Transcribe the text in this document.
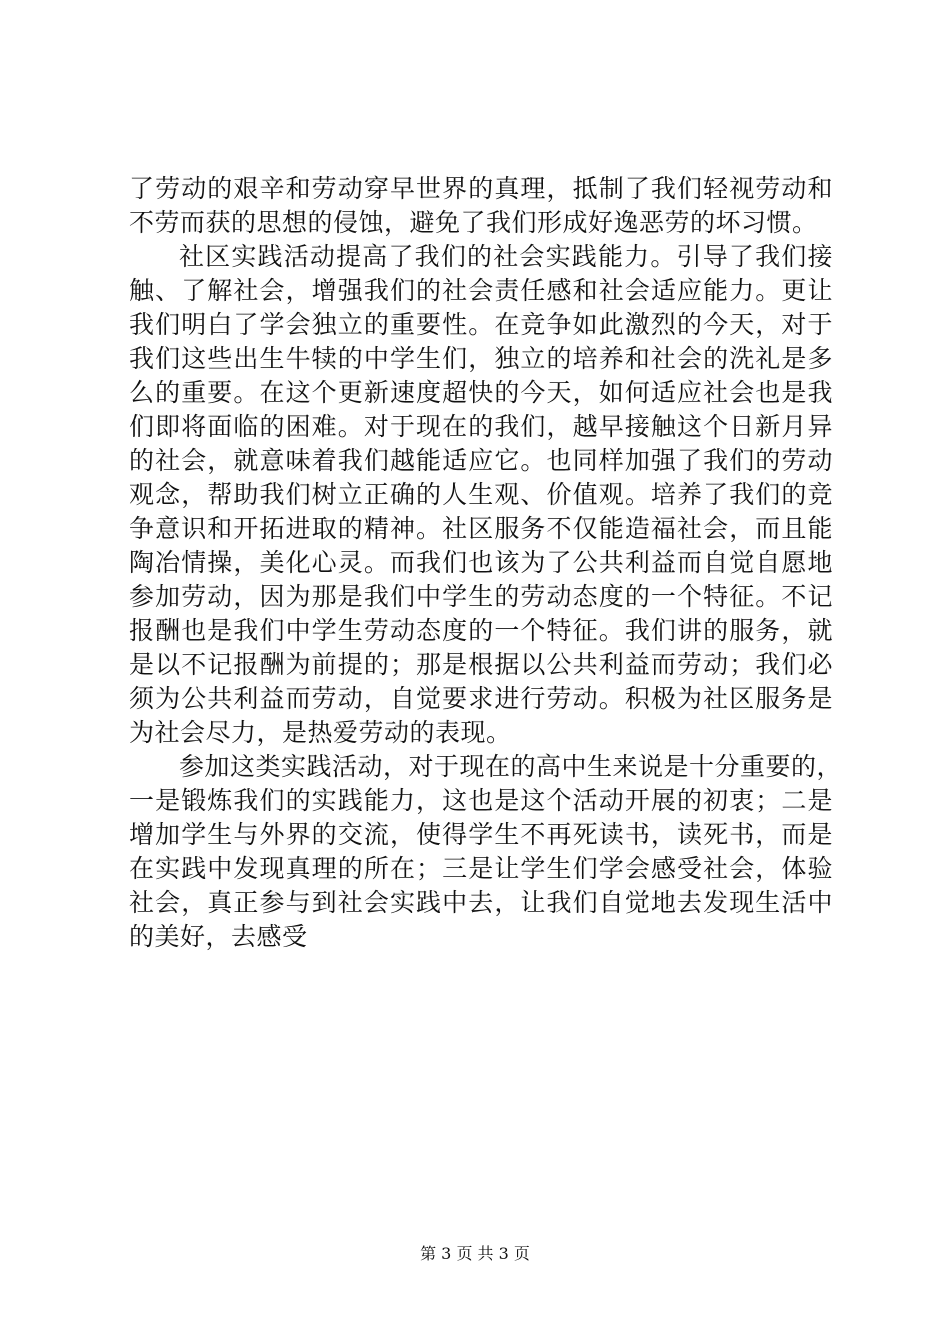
了劳动的艰辛和劳动穿早世界的真理，抵制了我们轻视劳动和
不劳而获的思想的侵蚀，避免了我们形成好逸恶劳的坏习惯。
社区实践活动提高了我们的社会实践能力。引导了我们接
触、了解社会，增强我们的社会责任感和社会适应能力。更让
我们明白了学会独立的重要性。在竞争如此激烈的今天，对于
我们这些出生牛犊的中学生们，独立的培养和社会的洗礼是多
么的重要。在这个更新速度超快的今天，如何适应社会也是我
们即将面临的困难。对于现在的我们，越早接触这个日新月异
的社会，就意味着我们越能适应它。也同样加强了我们的劳动
观念，帮助我们树立正确的人生观、价值观。培养了我们的竞
争意识和开拓进取的精神。社区服务不仅能造福社会，而且能
陶冶情操，美化心灵。而我们也该为了公共利益而自觉自愿地
参加劳动，因为那是我们中学生的劳动态度的一个特征。不记
报酬也是我们中学生劳动态度的一个特征。我们讲的服务，就
是以不记报酬为前提的；那是根据以公共利益而劳动；我们必
须为公共利益而劳动，自觉要求进行劳动。积极为社区服务是
为社会尽力，是热爱劳动的表现。
参加这类实践活动，对于现在的高中生来说是十分重要的，
一是锻炼我们的实践能力，这也是这个活动开展的初衷；二是
增加学生与外界的交流，使得学生不再死读书，读死书，而是
在实践中发现真理的所在；三是让学生们学会感受社会，体验
社会，真正参与到社会实践中去，让我们自觉地去发现生活中
的美好，去感受
第 3 页 共 3 页
